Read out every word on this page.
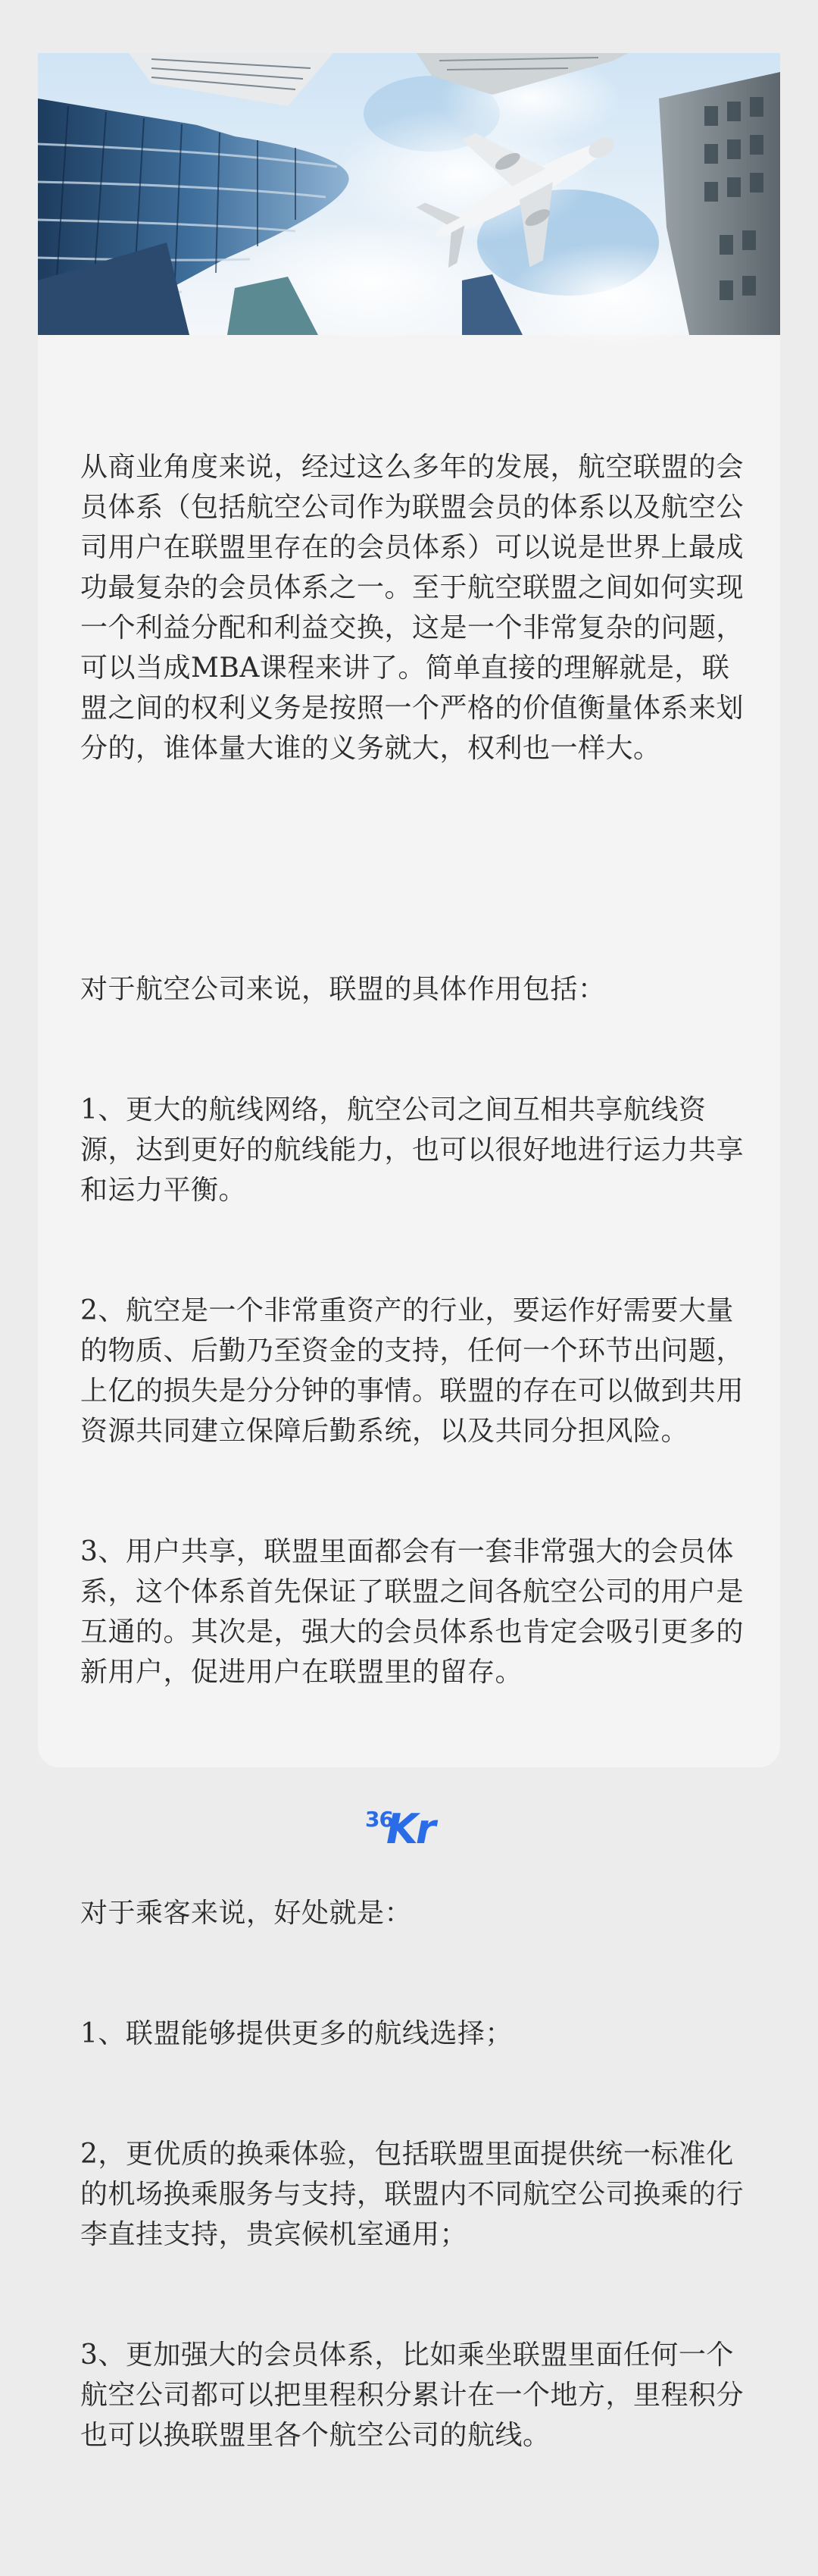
从商业角度来说，经过这么多年的发展，航空联盟的会员体系（包括航空公司作为联盟会员的体系以及航空公司用户在联盟里存在的会员体系）可以说是世界上最成功最复杂的会员体系之一。至于航空联盟之间如何实现一个利益分配和利益交换，这是一个非常复杂的问题，可以当成MBA课程来讲了。简单直接的理解就是，联盟之间的权利义务是按照一个严格的价值衡量体系来划分的，谁体量大谁的义务就大，权利也一样大。

对于航空公司来说，联盟的具体作用包括：

1、更大的航线网络，航空公司之间互相共享航线资源，达到更好的航线能力，也可以很好地进行运力共享和运力平衡。

2、航空是一个非常重资产的行业，要运作好需要大量的物质、后勤乃至资金的支持，任何一个环节出问题，上亿的损失是分分钟的事情。联盟的存在可以做到共用资源共同建立保障后勤系统，以及共同分担风险。

3、用户共享，联盟里面都会有一套非常强大的会员体系，这个体系首先保证了联盟之间各航空公司的用户是互通的。其次是，强大的会员体系也肯定会吸引更多的新用户，促进用户在联盟里的留存。

对于乘客来说，好处就是：

1、联盟能够提供更多的航线选择；

2，更优质的换乘体验，包括联盟里面提供统一标准化的机场换乘服务与支持，联盟内不同航空公司换乘的行李直挂支持，贵宾候机室通用；

3、更加强大的会员体系，比如乘坐联盟里面任何一个航空公司都可以把里程积分累计在一个地方，里程积分也可以换联盟里各个航空公司的航线。

36
Kr
